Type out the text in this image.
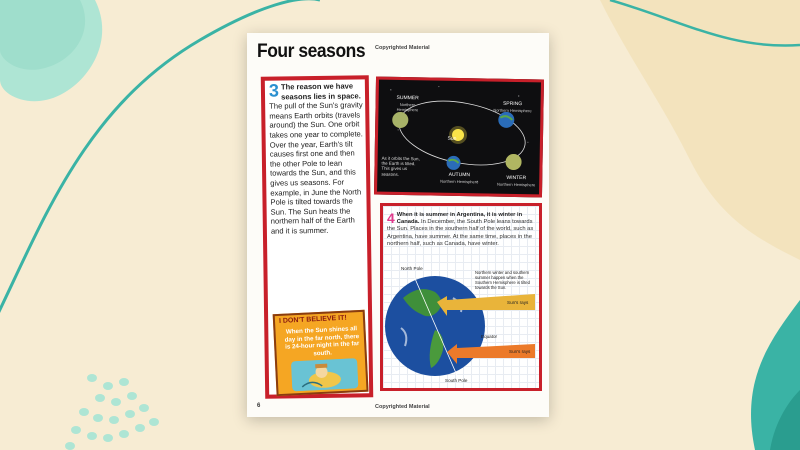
Four seasons Copyrighted Material
3 The reason we have seasons lies in space. The pull of the Sun's gravity means Earth orbits (travels around) the Sun. One orbit takes one year to complete. Over the year, Earth's tilt causes first one and then the other Pole to lean towards the Sun, and this gives us seasons. For example, in June the North Pole is tilted towards the Sun. The Sun heats the northern half of the Earth and it is summer.
I DON'T BELIEVE IT!
When the Sun shines all day in the far north, there is 24-hour night in the far south.
SUMMER
Northern Hemisphere
SPRING
Northern Hemisphere
Sun
AUTUMN
Northern Hemisphere	WINTER
Northern Hemisphere
As it orbits the Sun, the Earth is tilted. This gives us seasons.
4 When it is summer in Argentina, it is winter in Canada. In December, the South Pole leans towards the Sun. Places in the southern half of the world, such as Argentina, have summer. At the same time, places in the northern half, such as Canada, have winter.
North Pole
South Pole
Equator
Sun's rays
Sun's rays
Northern winter and southern summer happen when the Southern Hemisphere is tilted towards the Sun.
6	Copyrighted Material
